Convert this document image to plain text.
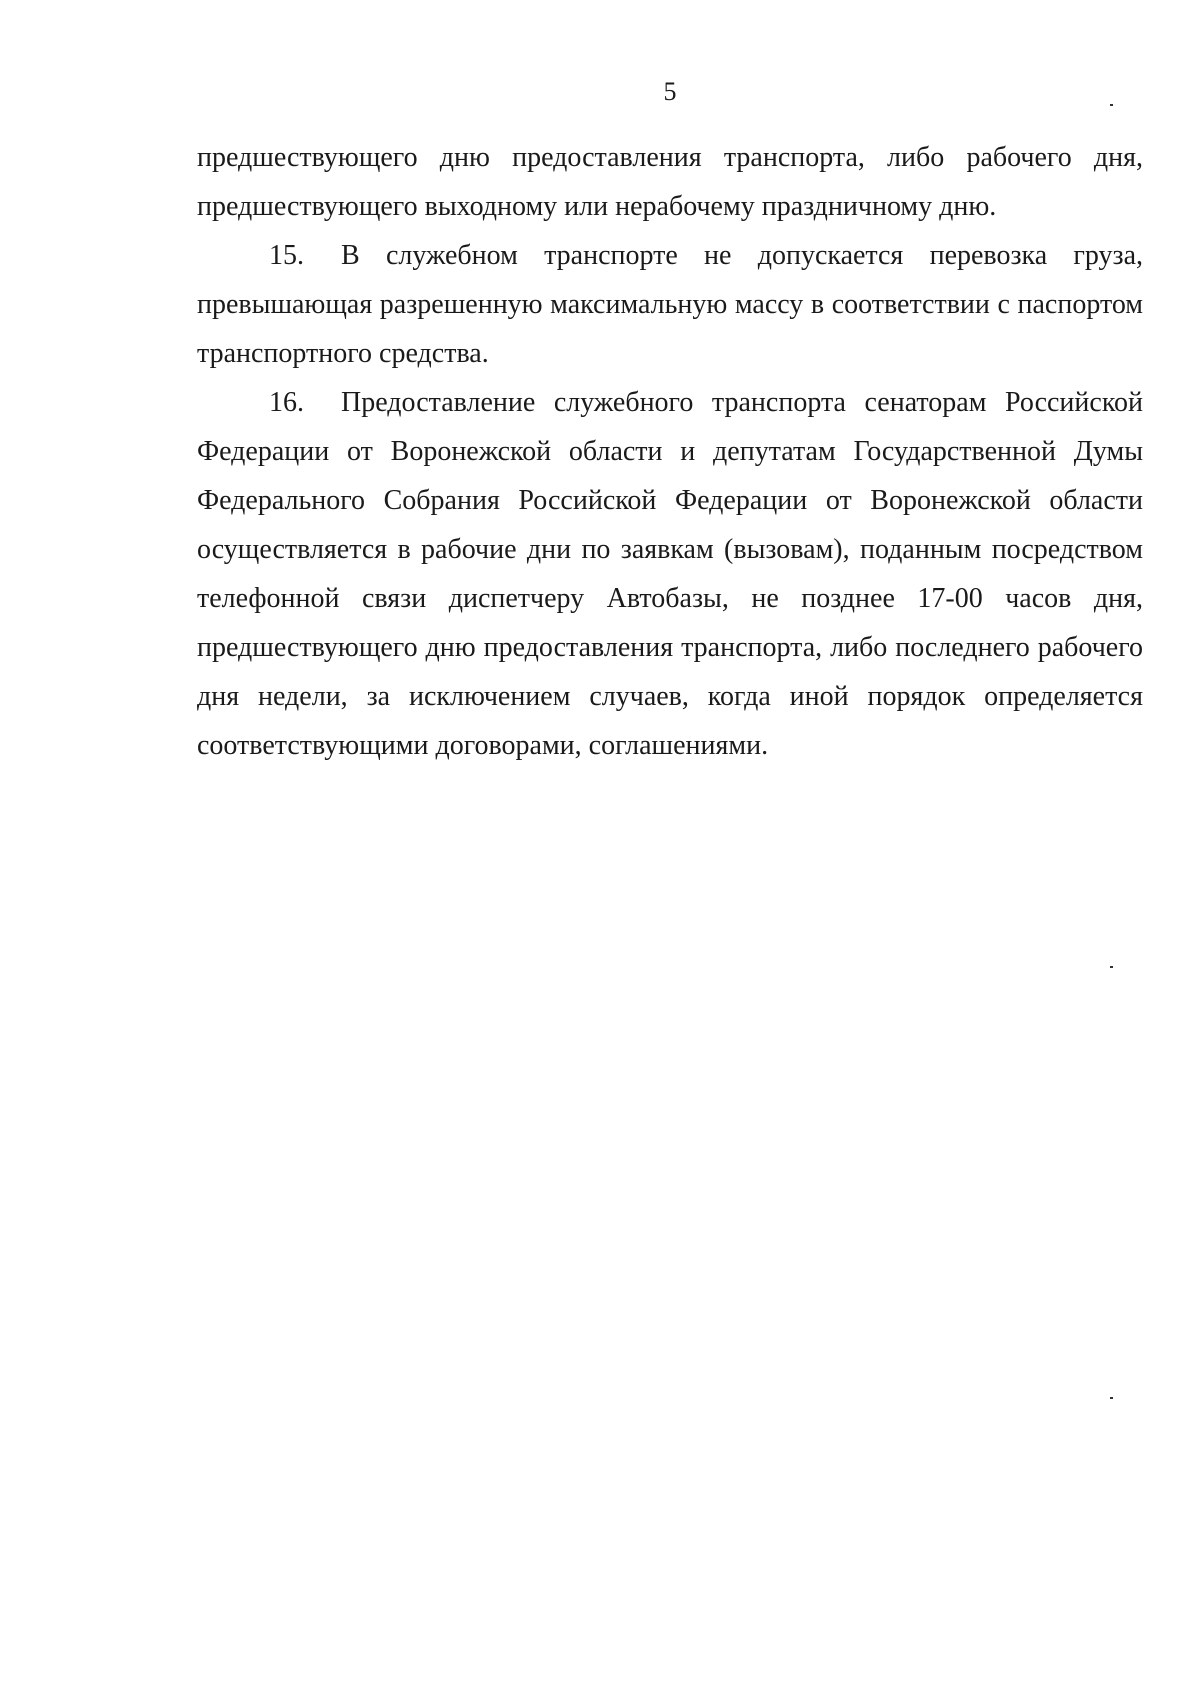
5

предшествующего дню предоставления транспорта, либо рабочего дня, предшествующего выходному или нерабочему праздничному дню.

15. В служебном транспорте не допускается перевозка груза, превышающая разрешенную максимальную массу в соответствии с паспортом транспортного средства.

16. Предоставление служебного транспорта сенаторам Российской Федерации от Воронежской области и депутатам Государственной Думы Федерального Собрания Российской Федерации от Воронежской области осуществляется в рабочие дни по заявкам (вызовам), поданным посредством телефонной связи диспетчеру Автобазы, не позднее 17-00 часов дня, предшествующего дню предоставления транспорта, либо последнего рабочего дня недели, за исключением случаев, когда иной порядок определяется соответствующими договорами, соглашениями.
